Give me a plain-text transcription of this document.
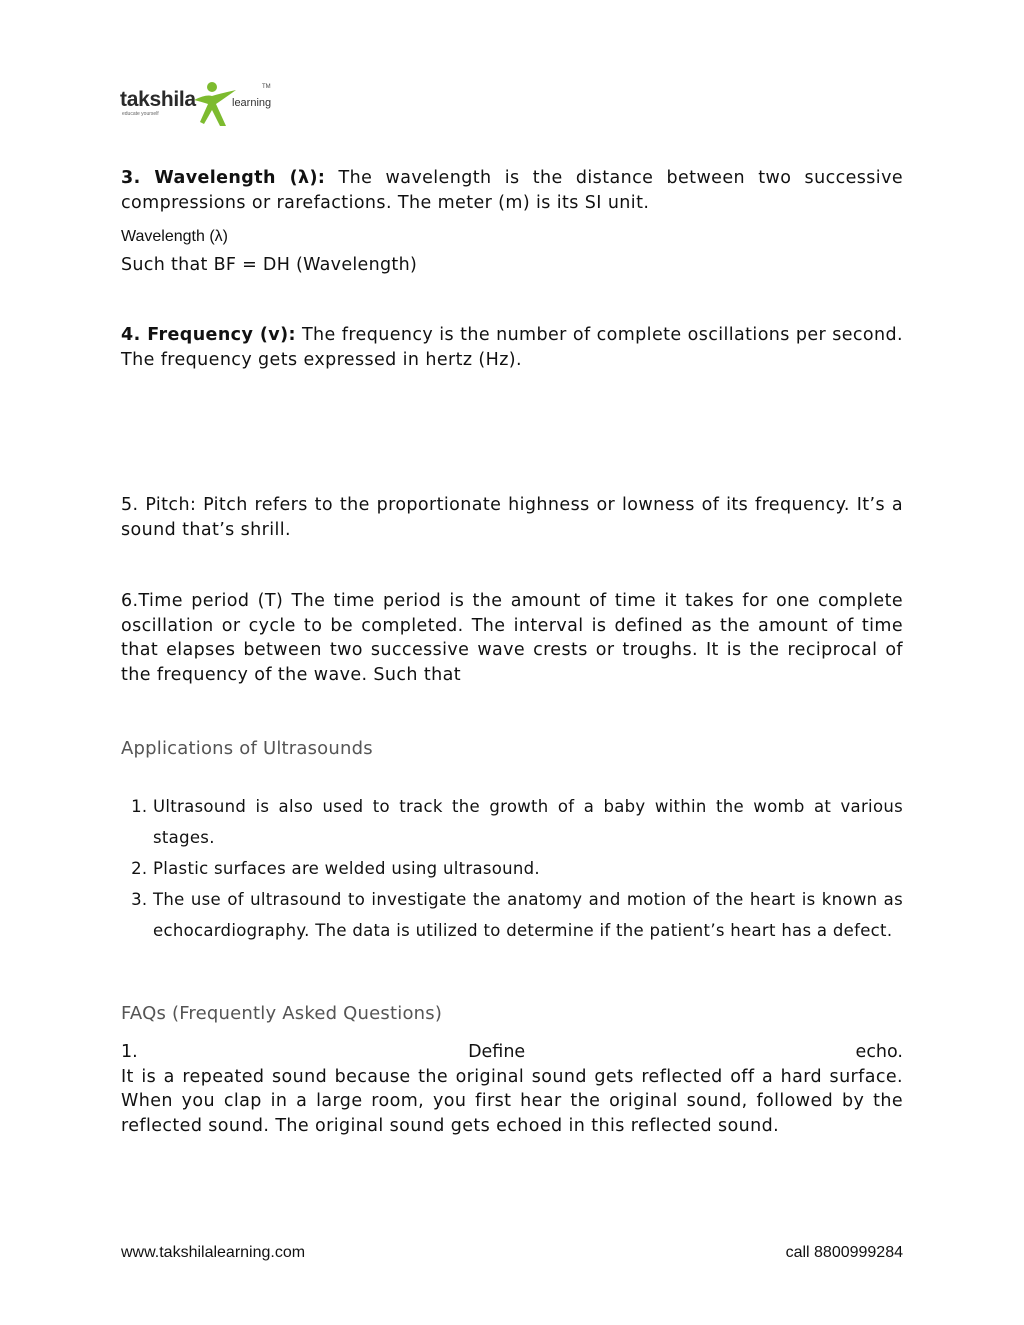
takshila	learning
TM
educate yourself

3. Wavelength (λ): The wavelength is the distance between two successive compressions or rarefactions. The meter (m) is its SI unit.

Wavelength (λ)

Such that BF = DH (Wavelength)

4. Frequency (v): The frequency is the number of complete oscillations per second. The frequency gets expressed in hertz (Hz).

5. Pitch: Pitch refers to the proportionate highness or lowness of its frequency. It’s a sound that’s shrill.

6.Time period (T) The time period is the amount of time it takes for one complete oscillation or cycle to be completed. The interval is defined as the amount of time that elapses between two successive wave crests or troughs. It is the reciprocal of the frequency of the wave. Such that

Applications of Ultrasounds

1. Ultrasound is also used to track the growth of a baby within the womb at various stages.
2. Plastic surfaces are welded using ultrasound.
3. The use of ultrasound to investigate the anatomy and motion of the heart is known as echocardiography. The data is utilized to determine if the patient’s heart has a defect.

FAQs (Frequently Asked Questions)

1.	Define	echo.

It is a repeated sound because the original sound gets reflected off a hard surface. When you clap in a large room, you first hear the original sound, followed by the reflected sound. The original sound gets echoed in this reflected sound.

www.takshilalearning.com	call 8800999284
